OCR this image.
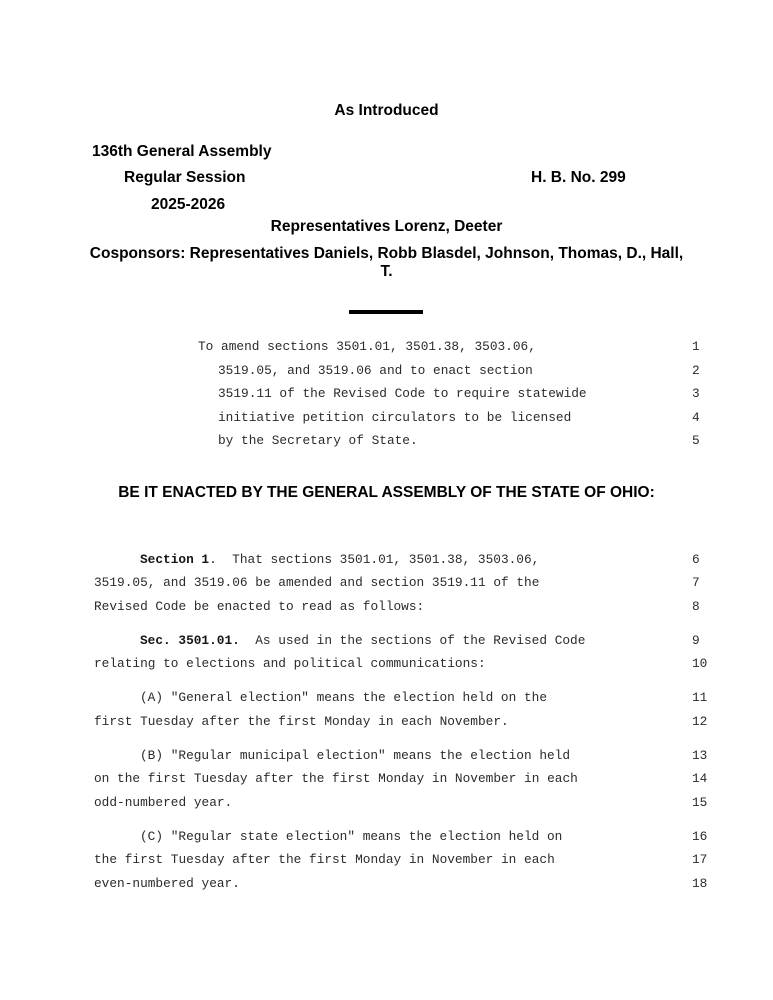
As Introduced
136th General Assembly
Regular Session	H. B. No. 299
2025-2026
Representatives Lorenz, Deeter
Cosponsors: Representatives Daniels, Robb Blasdel, Johnson, Thomas, D., Hall,
T.
To amend sections 3501.01, 3501.38, 3503.06,	1
3519.05, and 3519.06 and to enact section	2
3519.11 of the Revised Code to require statewide	3
initiative petition circulators to be licensed	4
by the Secretary of State.	5
BE IT ENACTED BY THE GENERAL ASSEMBLY OF THE STATE OF OHIO:
Section 1.  That sections 3501.01, 3501.38, 3503.06,	6
3519.05, and 3519.06 be amended and section 3519.11 of the	7
Revised Code be enacted to read as follows:	8
Sec. 3501.01.  As used in the sections of the Revised Code	9
relating to elections and political communications:	10
(A) "General election" means the election held on the	11
first Tuesday after the first Monday in each November.	12
(B) "Regular municipal election" means the election held	13
on the first Tuesday after the first Monday in November in each	14
odd-numbered year.	15
(C) "Regular state election" means the election held on	16
the first Tuesday after the first Monday in November in each	17
even-numbered year.	18
